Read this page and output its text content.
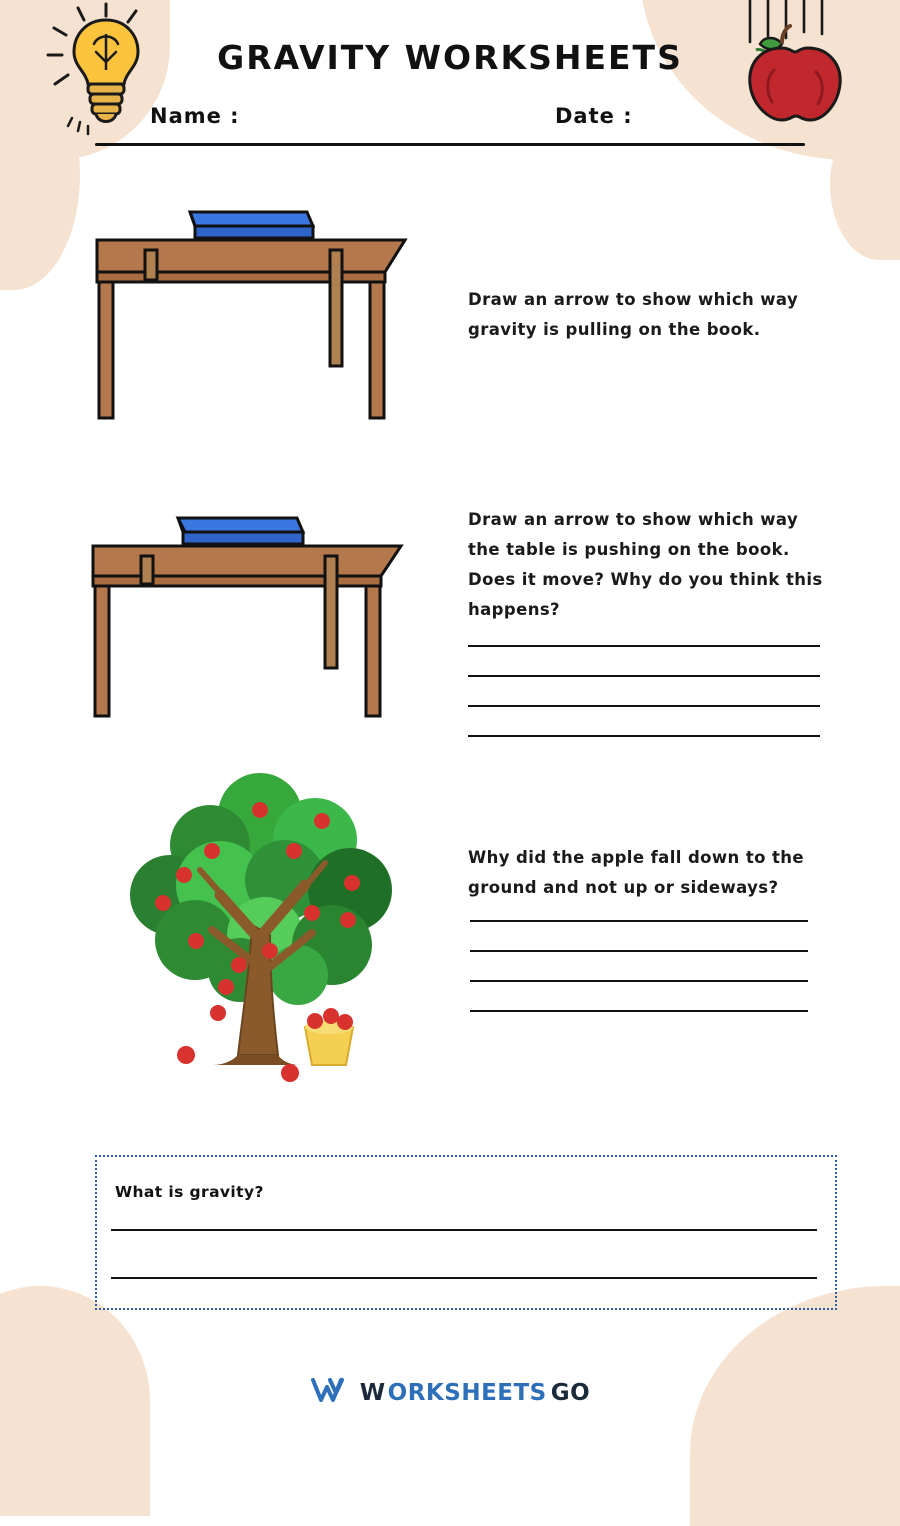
GRAVITY WORKSHEETS
Name :	Date :
Draw an arrow to show which way gravity is pulling on the book.
Draw an arrow to show which way the table is pushing on the book. Does it move? Why do you think this happens?
Why did the apple fall down to the ground and not up or sideways?
What is gravity?
W ORKSHEETS GO
